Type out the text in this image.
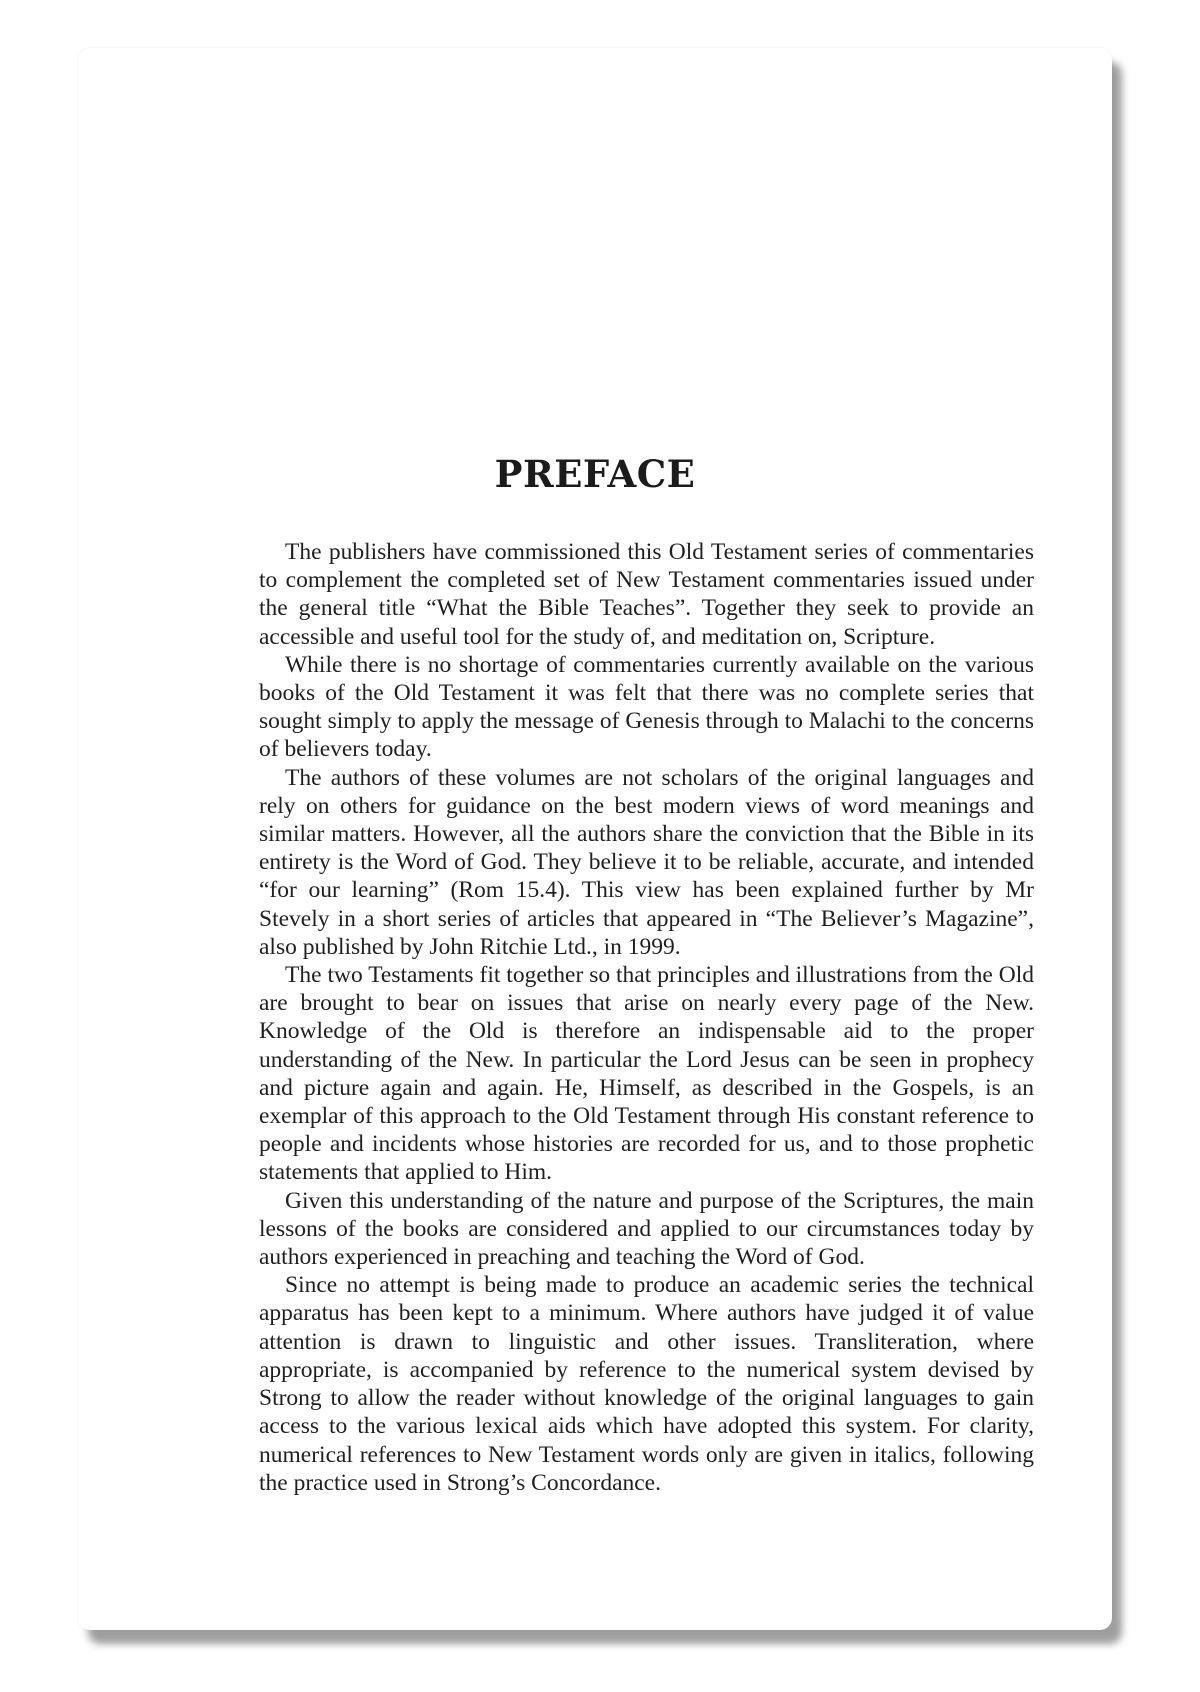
PREFACE

The publishers have commissioned this Old Testament series of commentaries to complement the completed set of New Testament commentaries issued under the general title “What the Bible Teaches”. Together they seek to provide an accessible and useful tool for the study of, and meditation on, Scripture.

While there is no shortage of commentaries currently available on the various books of the Old Testament it was felt that there was no complete series that sought simply to apply the message of Genesis through to Malachi to the concerns of believers today.

The authors of these volumes are not scholars of the original languages and rely on others for guidance on the best modern views of word meanings and similar matters. However, all the authors share the conviction that the Bible in its entirety is the Word of God. They believe it to be reliable, accurate, and intended “for our learning” (Rom 15.4). This view has been explained further by Mr Stevely in a short series of articles that appeared in “The Believer’s Magazine”, also published by John Ritchie Ltd., in 1999.

The two Testaments fit together so that principles and illustrations from the Old are brought to bear on issues that arise on nearly every page of the New. Knowledge of the Old is therefore an indispensable aid to the proper understanding of the New. In particular the Lord Jesus can be seen in prophecy and picture again and again. He, Himself, as described in the Gospels, is an exemplar of this approach to the Old Testament through His constant reference to people and incidents whose histories are recorded for us, and to those prophetic statements that applied to Him.

Given this understanding of the nature and purpose of the Scriptures, the main lessons of the books are considered and applied to our circumstances today by authors experienced in preaching and teaching the Word of God.

Since no attempt is being made to produce an academic series the technical apparatus has been kept to a minimum. Where authors have judged it of value attention is drawn to linguistic and other issues. Transliteration, where appropriate, is accompanied by reference to the numerical system devised by Strong to allow the reader without knowledge of the original languages to gain access to the various lexical aids which have adopted this system. For clarity, numerical references to New Testament words only are given in italics, following the practice used in Strong’s Concordance.
